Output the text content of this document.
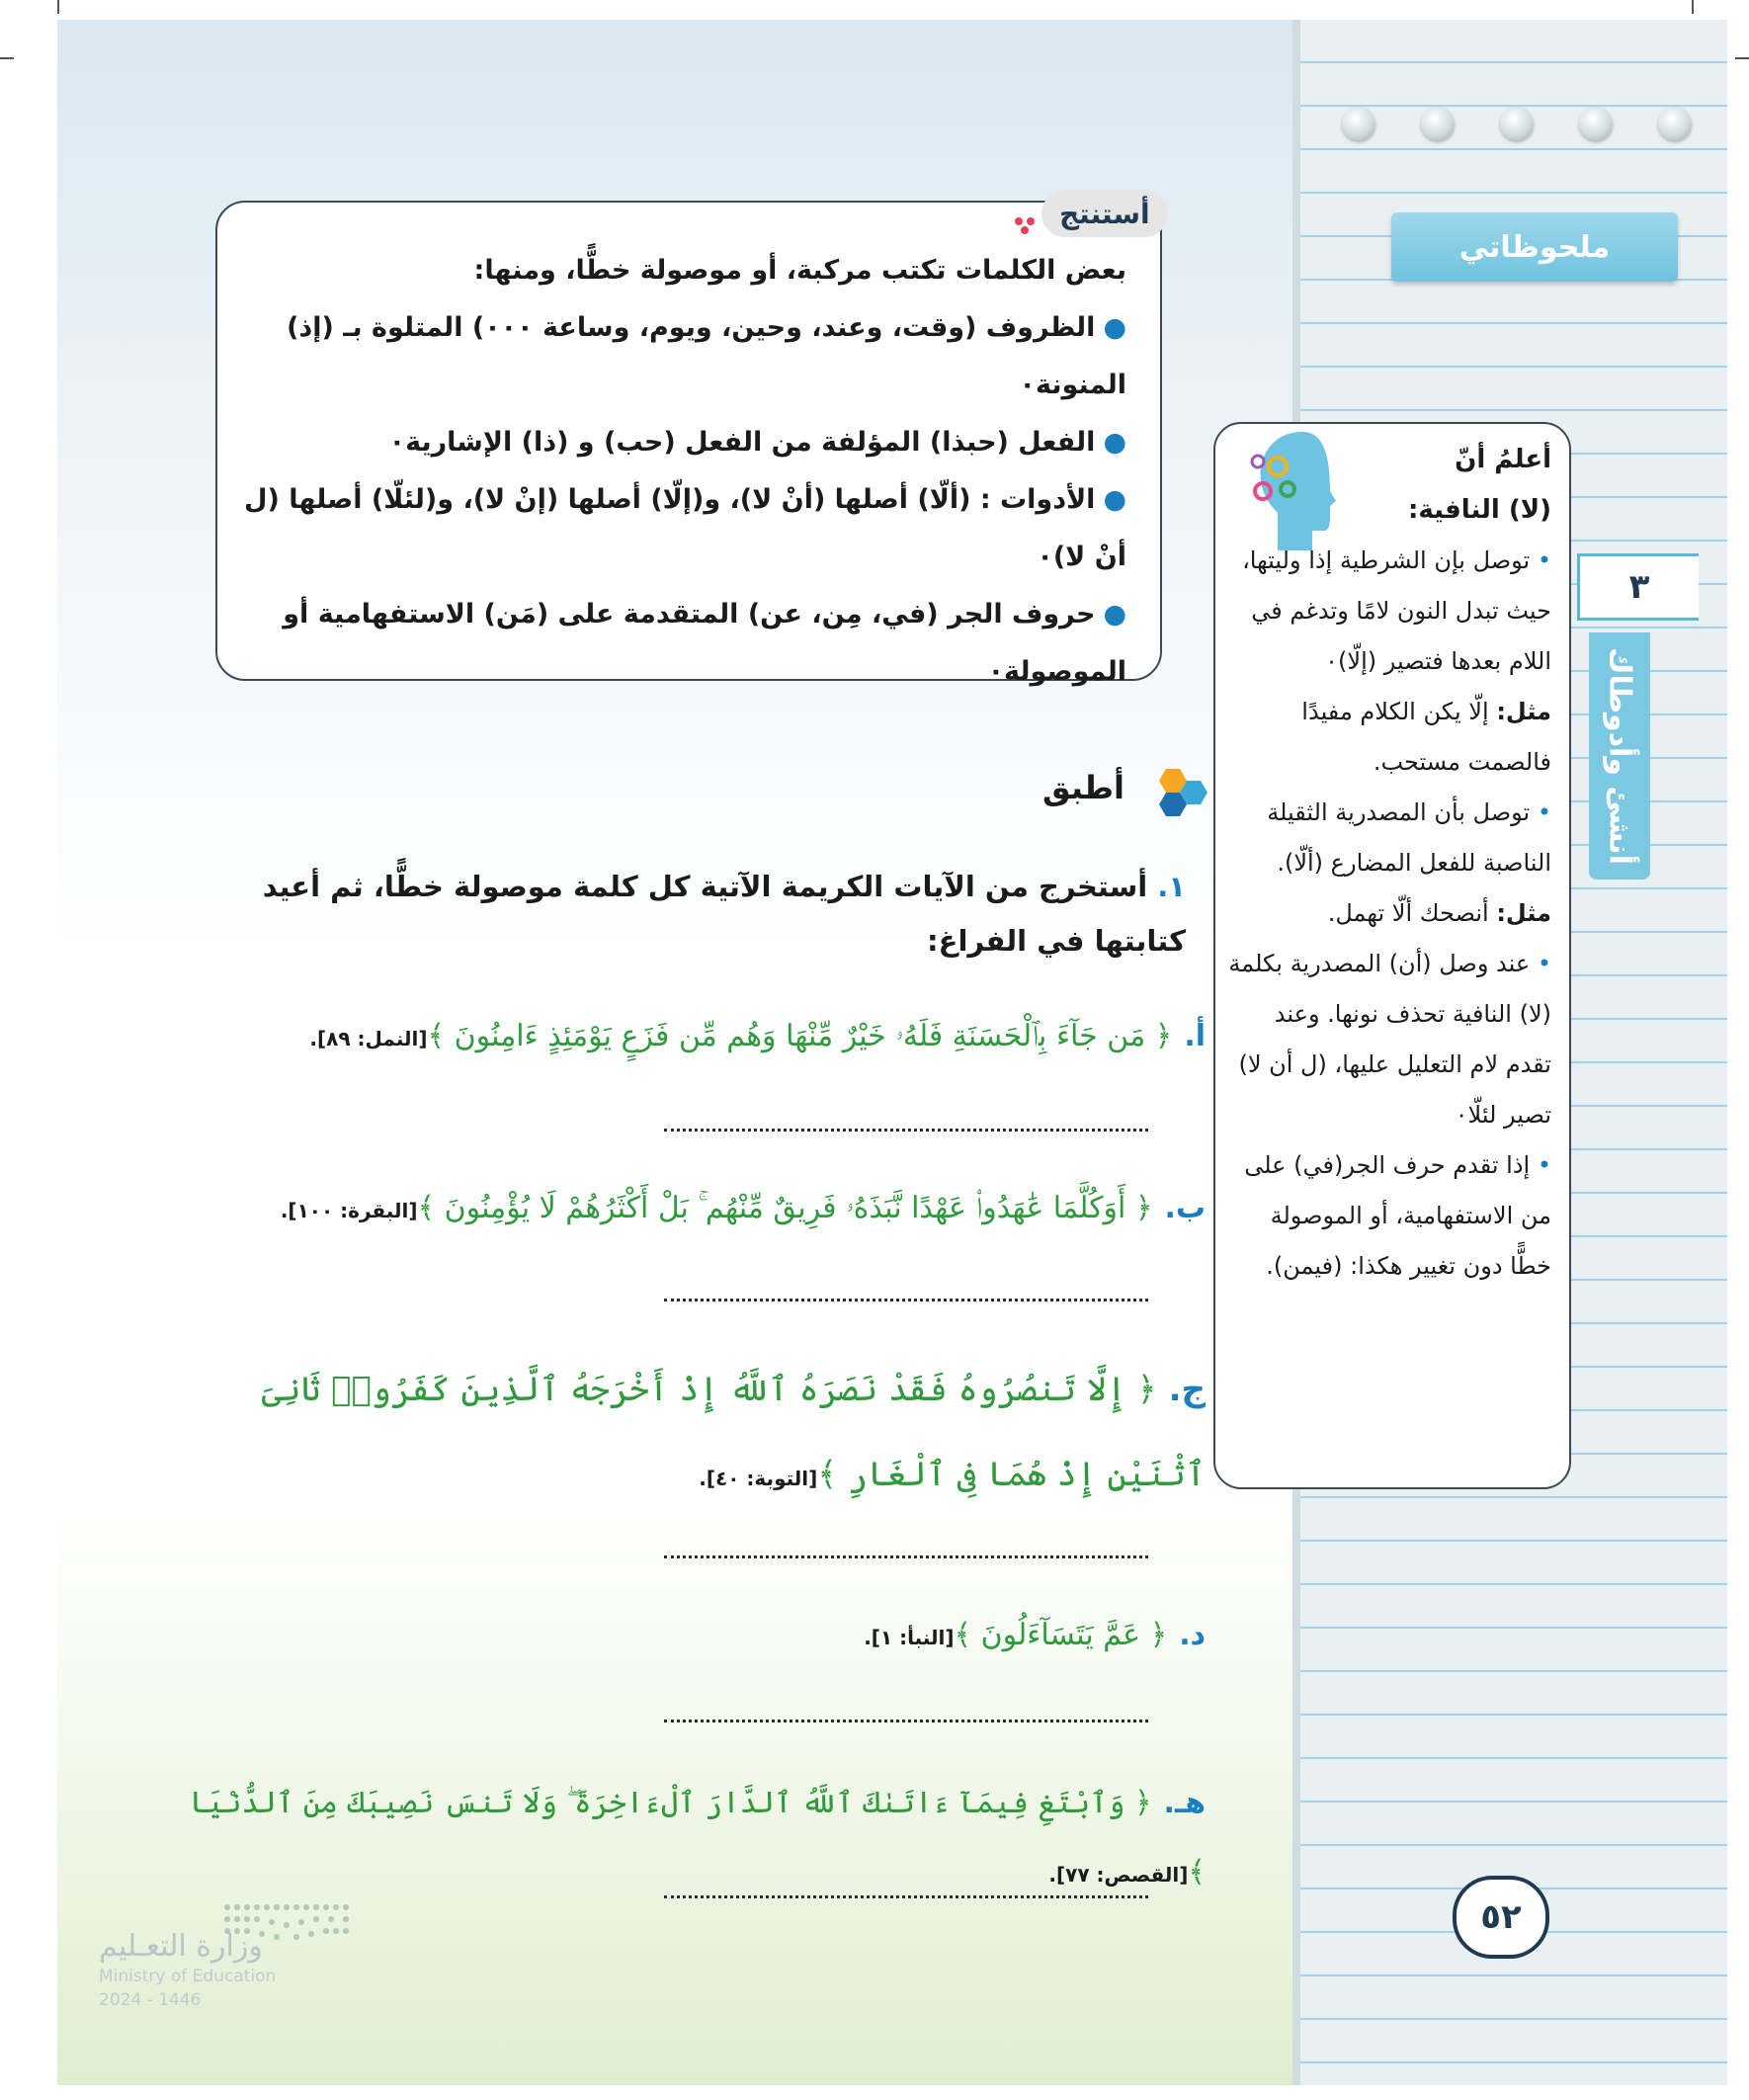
ملحوظاتي
٣
أنشئ وأدوطاك
٥٢
أستنتج
بعض الكلمات تكتب مركبة، أو موصولة خطًّا، ومنها:
●الظروف (وقت، وعند، وحين، ويوم، وساعة ٠٠٠) المتلوة بـ (إذ) المنونة٠
●الفعل (حبذا) المؤلفة من الفعل (حب) و (ذا) الإشارية٠
●الأدوات : (ألّا) أصلها (أنْ لا)، و(إلّا) أصلها (إنْ لا)، و(لئلّا) أصلها (ل أنْ لا)٠
●حروف الجر (في، مِن، عن) المتقدمة على (مَن) الاستفهامية أو الموصولة٠
أعلمُ أنّ
(لا) النافية:
• توصل بإن الشرطية إذا وليتها، حيث تبدل النون لامًا وتدغم في اللام بعدها فتصير (إلّا)٠
مثل: إلّا يكن الكلام مفيدًا فالصمت مستحب.
• توصل بأن المصدرية الثقيلة الناصبة للفعل المضارع (ألّا).
مثل: أنصحك ألّا تهمل.
• عند وصل (أن) المصدرية بكلمة (لا) النافية تحذف نونها. وعند تقدم لام التعليل عليها، (ل أن لا) تصير لئلّا٠
• إذا تقدم حرف الجر(في) على من الاستفهامية، أو الموصولة خطًّا دون تغيير هكذا: (فيمن).
أطبق
١. أستخرج من الآيات الكريمة الآتية كل كلمة موصولة خطًّا، ثم أعيد كتابتها في الفراغ:
أ.﴿ مَن جَآءَ بِٱلْحَسَنَةِ فَلَهُۥ خَيْرٌ مِّنْهَا وَهُم مِّن فَزَعٍ يَوْمَئِذٍ ءَامِنُونَ ﴾[النمل: ٨٩].
ب.﴿ أَوَكُلَّمَا عَٰهَدُوا۟ عَهْدًا نَّبَذَهُۥ فَرِيقٌ مِّنْهُم ۚ بَلْ أَكْثَرُهُمْ لَا يُؤْمِنُونَ ﴾[البقرة: ١٠٠].
ج.﴿ إِلَّا تَنصُرُوهُ فَقَدْ نَصَرَهُ ٱللَّهُ إِذْ أَخْرَجَهُ ٱلَّذِينَ كَفَرُوا۟ ثَانِىَ ٱثْنَيْنِ إِذْ هُمَا فِى ٱلْغَارِ ﴾[التوبة: ٤٠].
د.﴿ عَمَّ يَتَسَآءَلُونَ ﴾[النبأ: ١].
هـ.﴿ وَٱبْتَغِ فِيمَآ ءَاتَىٰكَ ٱللَّهُ ٱلدَّارَ ٱلْءَاخِرَةَ ۖ وَلَا تَنسَ نَصِيبَكَ مِنَ ٱلدُّنْيَا ﴾[القصص: ٧٧].
وزارة التعـليم
Ministry of Education
2024 - 1446
